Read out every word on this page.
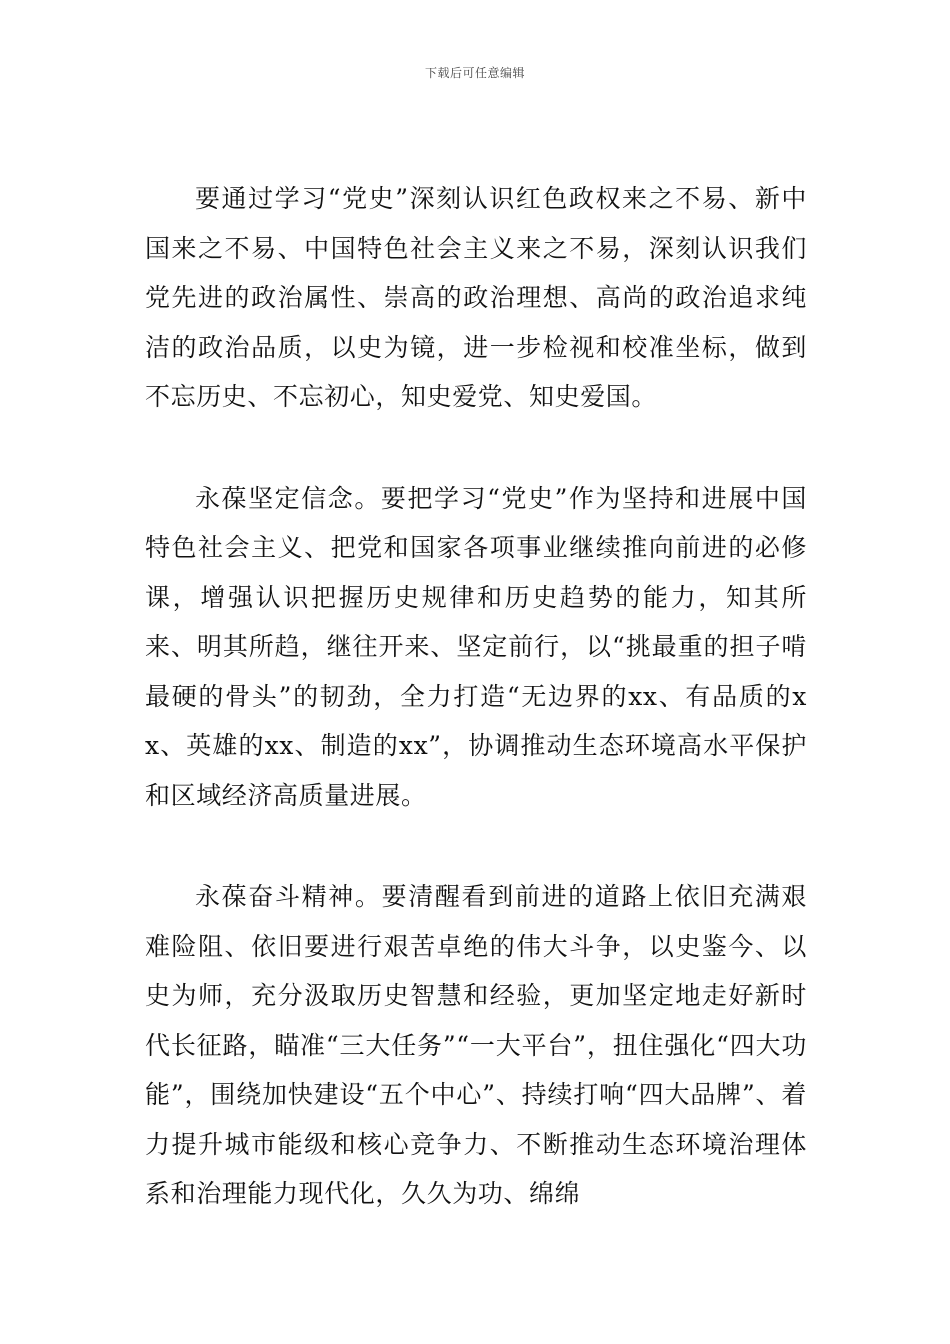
下载后可任意编辑

要通过学习“党史”深刻认识红色政权来之不易、新中国来之不易、中国特色社会主义来之不易，深刻认识我们党先进的政治属性、崇高的政治理想、高尚的政治追求纯洁的政治品质，以史为镜，进一步检视和校准坐标，做到不忘历史、不忘初心，知史爱党、知史爱国。

永葆坚定信念。要把学习“党史”作为坚持和进展中国特色社会主义、把党和国家各项事业继续推向前进的必修课，增强认识把握历史规律和历史趋势的能力，知其所来、明其所趋，继往开来、坚定前行，以“挑最重的担子啃最硬的骨头”的韧劲，全力打造“无边界的xx、有品质的xx、英雄的xx、制造的xx”，协调推动生态环境高水平保护和区域经济高质量进展。

永葆奋斗精神。要清醒看到前进的道路上依旧充满艰难险阻、依旧要进行艰苦卓绝的伟大斗争，以史鉴今、以史为师，充分汲取历史智慧和经验，更加坚定地走好新时代长征路，瞄准“三大任务”“一大平台”，扭住强化“四大功能”，围绕加快建设“五个中心”、持续打响“四大品牌”、着力提升城市能级和核心竞争力、不断推动生态环境治理体系和治理能力现代化，久久为功、绵绵
